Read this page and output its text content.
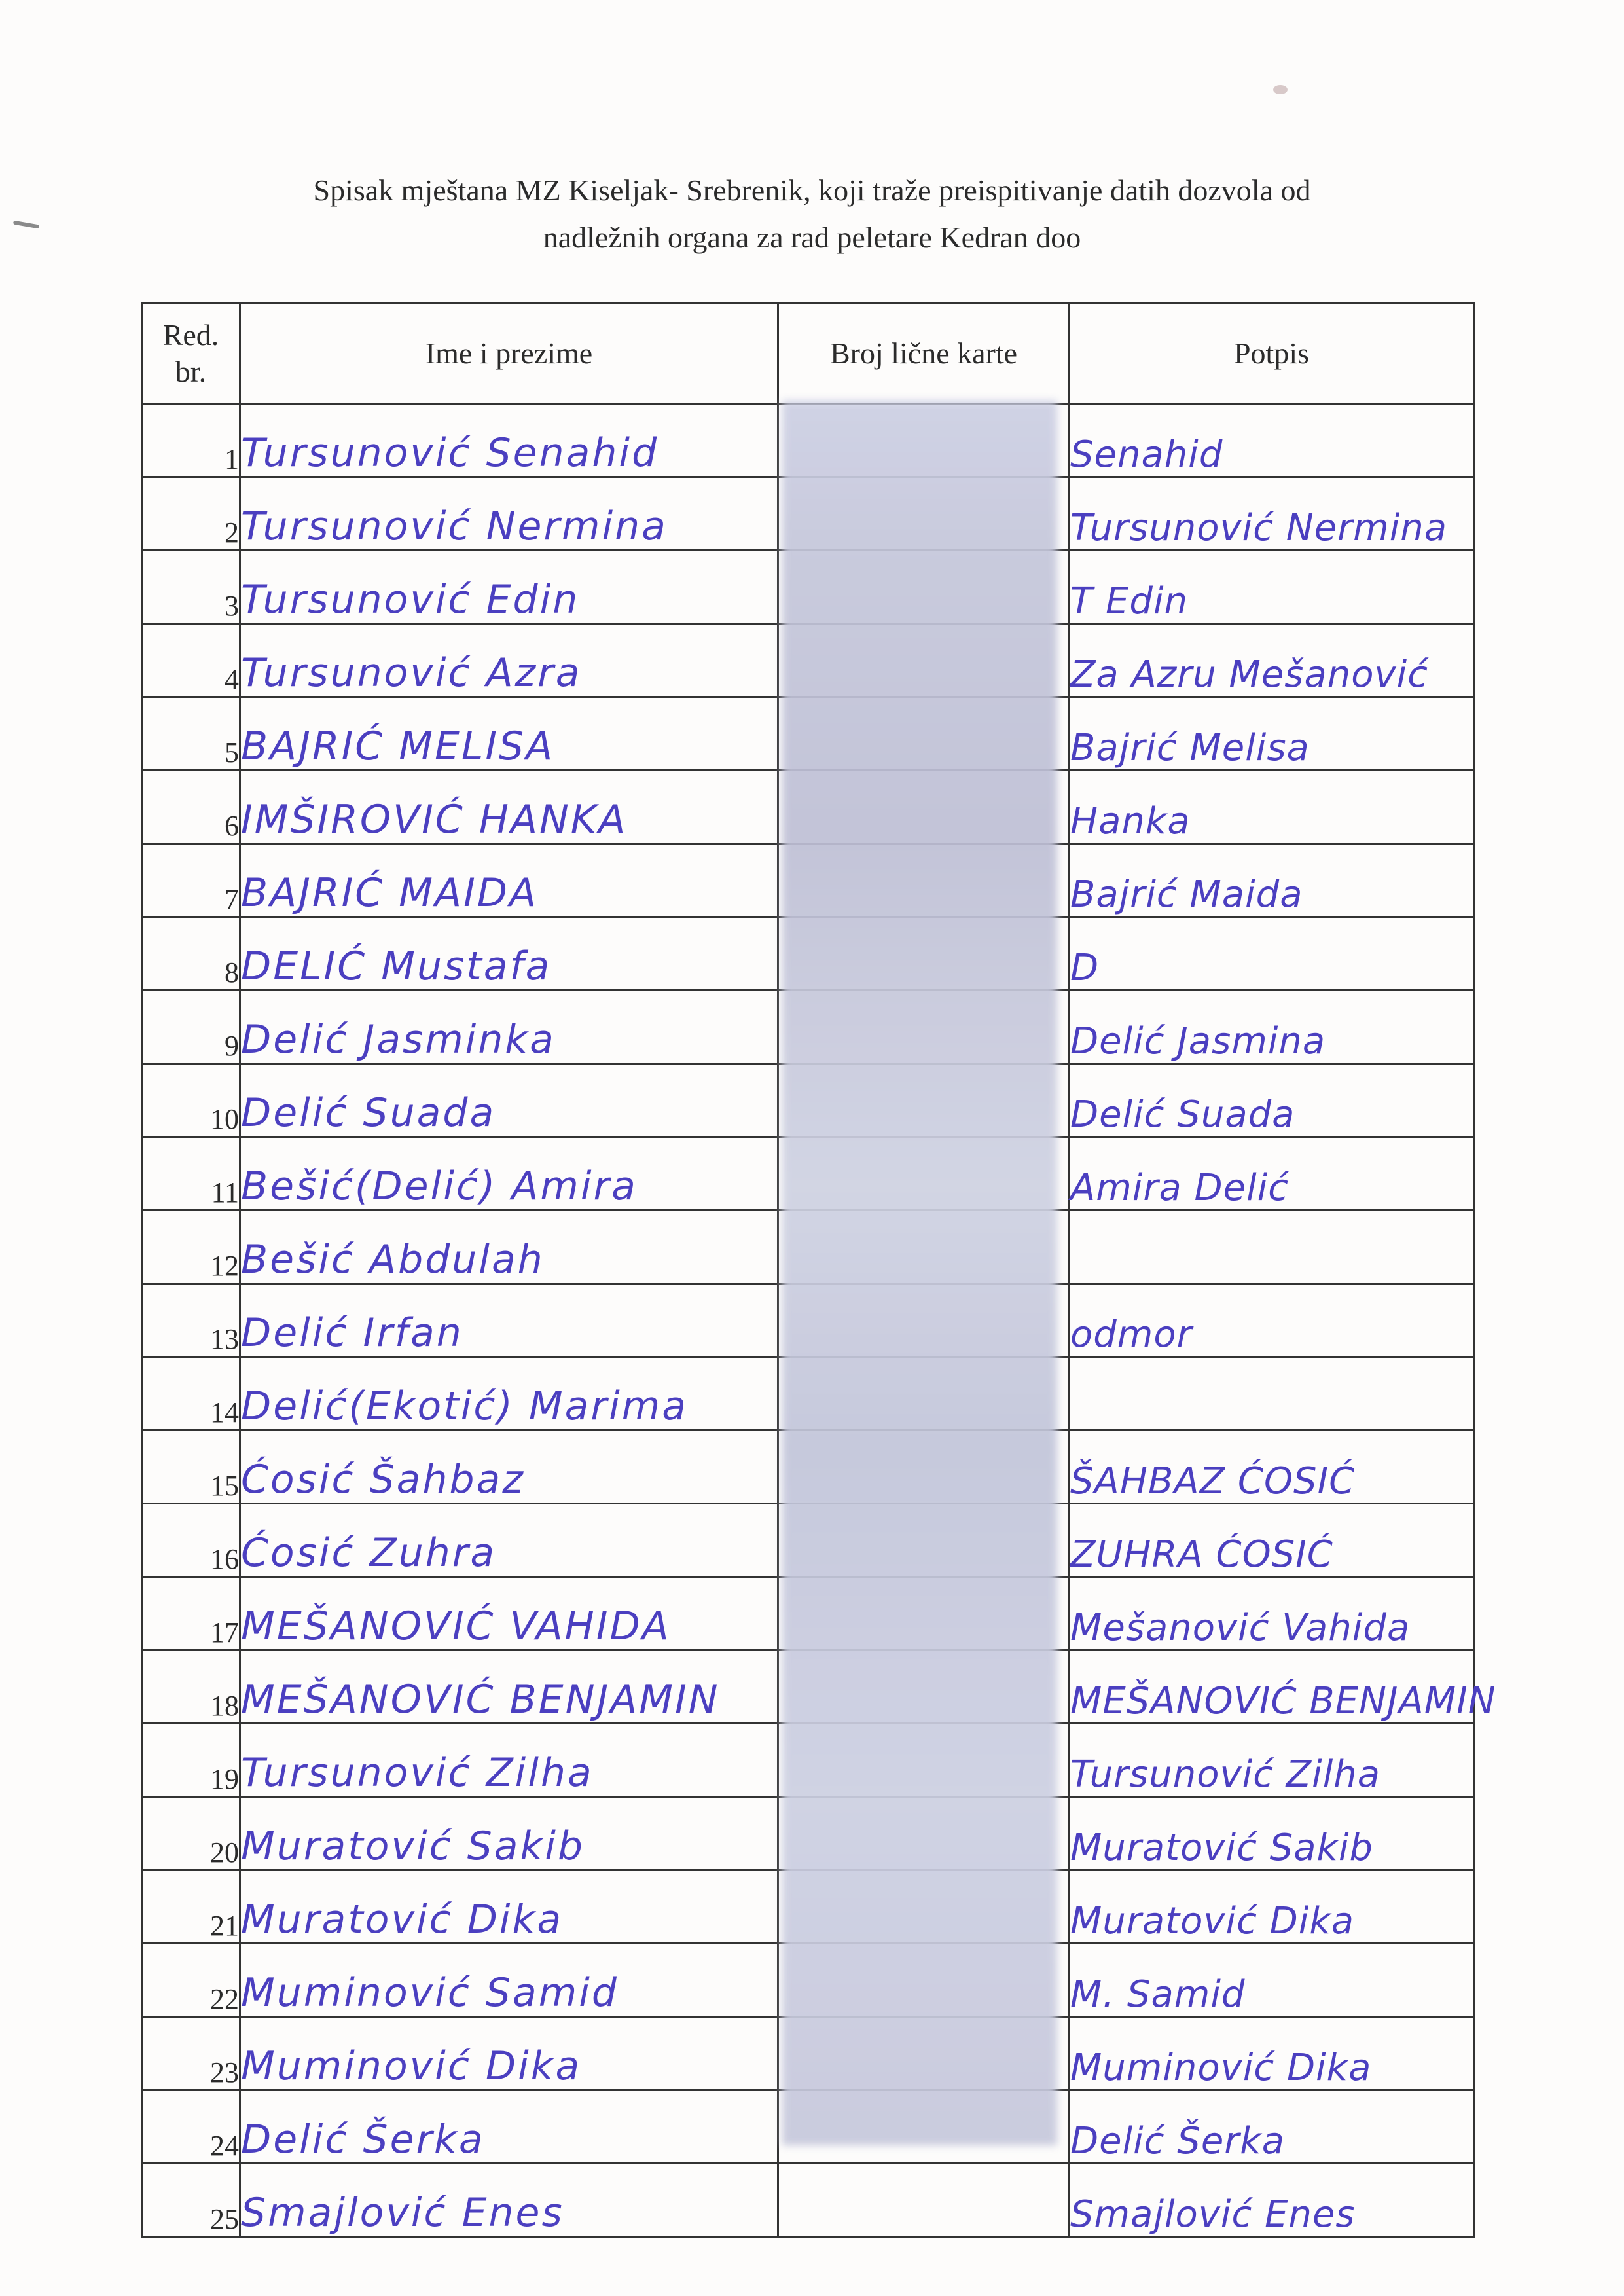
Spisak mještana MZ Kiseljak- Srebrenik, koji traže preispitivanje datih dozvola od
nadležnih organa za rad peletare Kedran doo
Red.
br.	Ime i prezime	Broj lične karte	Potpis
1	Tursunović Senahid		Senahid
2	Tursunović Nermina		Tursunović Nermina
3	Tursunović Edin		T Edin
4	Tursunović Azra		Za Azru Mešanović
5	BAJRIĆ MELISA		Bajrić Melisa
6	IMŠIROVIĆ HANKA		Hanka
7	BAJRIĆ MAIDA		Bajrić Maida
8	DELIĆ Mustafa		D
9	Delić Jasminka		Delić Jasmina
10	Delić Suada		Delić Suada
11	Bešić(Delić) Amira		Amira Delić
12	Bešić Abdulah		
13	Delić Irfan		odmor
14	Delić(Ekotić) Marima		
15	Ćosić Šahbaz		ŠAHBAZ ĆOSIĆ
16	Ćosić Zuhra		ZUHRA ĆOSIĆ
17	MEŠANOVIĆ VAHIDA		Mešanović Vahida
18	MEŠANOVIĆ BENJAMIN		MEŠANOVIĆ BENJAMIN
19	Tursunović Zilha		Tursunović Zilha
20	Muratović Sakib		Muratović Sakib
21	Muratović Dika		Muratović Dika
22	Muminović Samid		M. Samid
23	Muminović Dika		Muminović Dika
24	Delić Šerka		Delić Šerka
25	Smajlović Enes		Smajlović Enes
